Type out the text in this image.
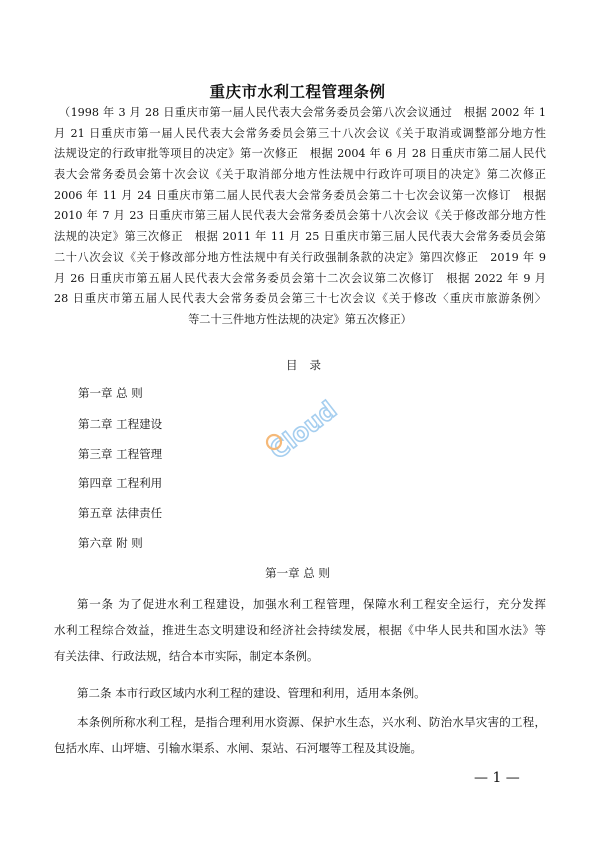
重庆市水利工程管理条例
（1998 年 3 月 28 日重庆市第一届人民代表大会常务委员会第八次会议通过　根据 2002 年 1
月 21 日重庆市第一届人民代表大会常务委员会第三十八次会议《关于取消或调整部分地方性
法规设定的行政审批等项目的决定》第一次修正　根据 2004 年 6 月 28 日重庆市第二届人民代
表大会常务委员会第十次会议《关于取消部分地方性法规中行政许可项目的决定》第二次修正
2006 年 11 月 24 日重庆市第二届人民代表大会常务委员会第二十七次会议第一次修订　根据
2010 年 7 月 23 日重庆市第三届人民代表大会常务委员会第十八次会议《关于修改部分地方性
法规的决定》第三次修正　根据 2011 年 11 月 25 日重庆市第三届人民代表大会常务委员会第
二十八次会议《关于修改部分地方性法规中有关行政强制条款的决定》第四次修正　2019 年 9
月 26 日重庆市第五届人民代表大会常务委员会第十二次会议第二次修订　根据 2022 年 9 月
28 日重庆市第五届人民代表大会常务委员会第三十七次会议《关于修改〈重庆市旅游条例〉
等二十三件地方性法规的决定》第五次修正）
目录
第一章 总 则
第二章 工程建设
第三章 工程管理
第四章 工程利用
第五章 法律责任
第六章 附 则
第一章 总 则
第一条 为了促进水利工程建设，加强水利工程管理，保障水利工程安全运行，充分发挥
水利工程综合效益，推进生态文明建设和经济社会持续发展，根据《中华人民共和国水法》等
有关法律、行政法规，结合本市实际，制定本条例。
第二条 本市行政区域内水利工程的建设、管理和利用，适用本条例。
本条例所称水利工程，是指合理利用水资源、保护水生态，兴水利、防治水旱灾害的工程，
包括水库、山坪塘、引输水渠系、水闸、泵站、石河堰等工程及其设施。
— 1 —
Cloud
